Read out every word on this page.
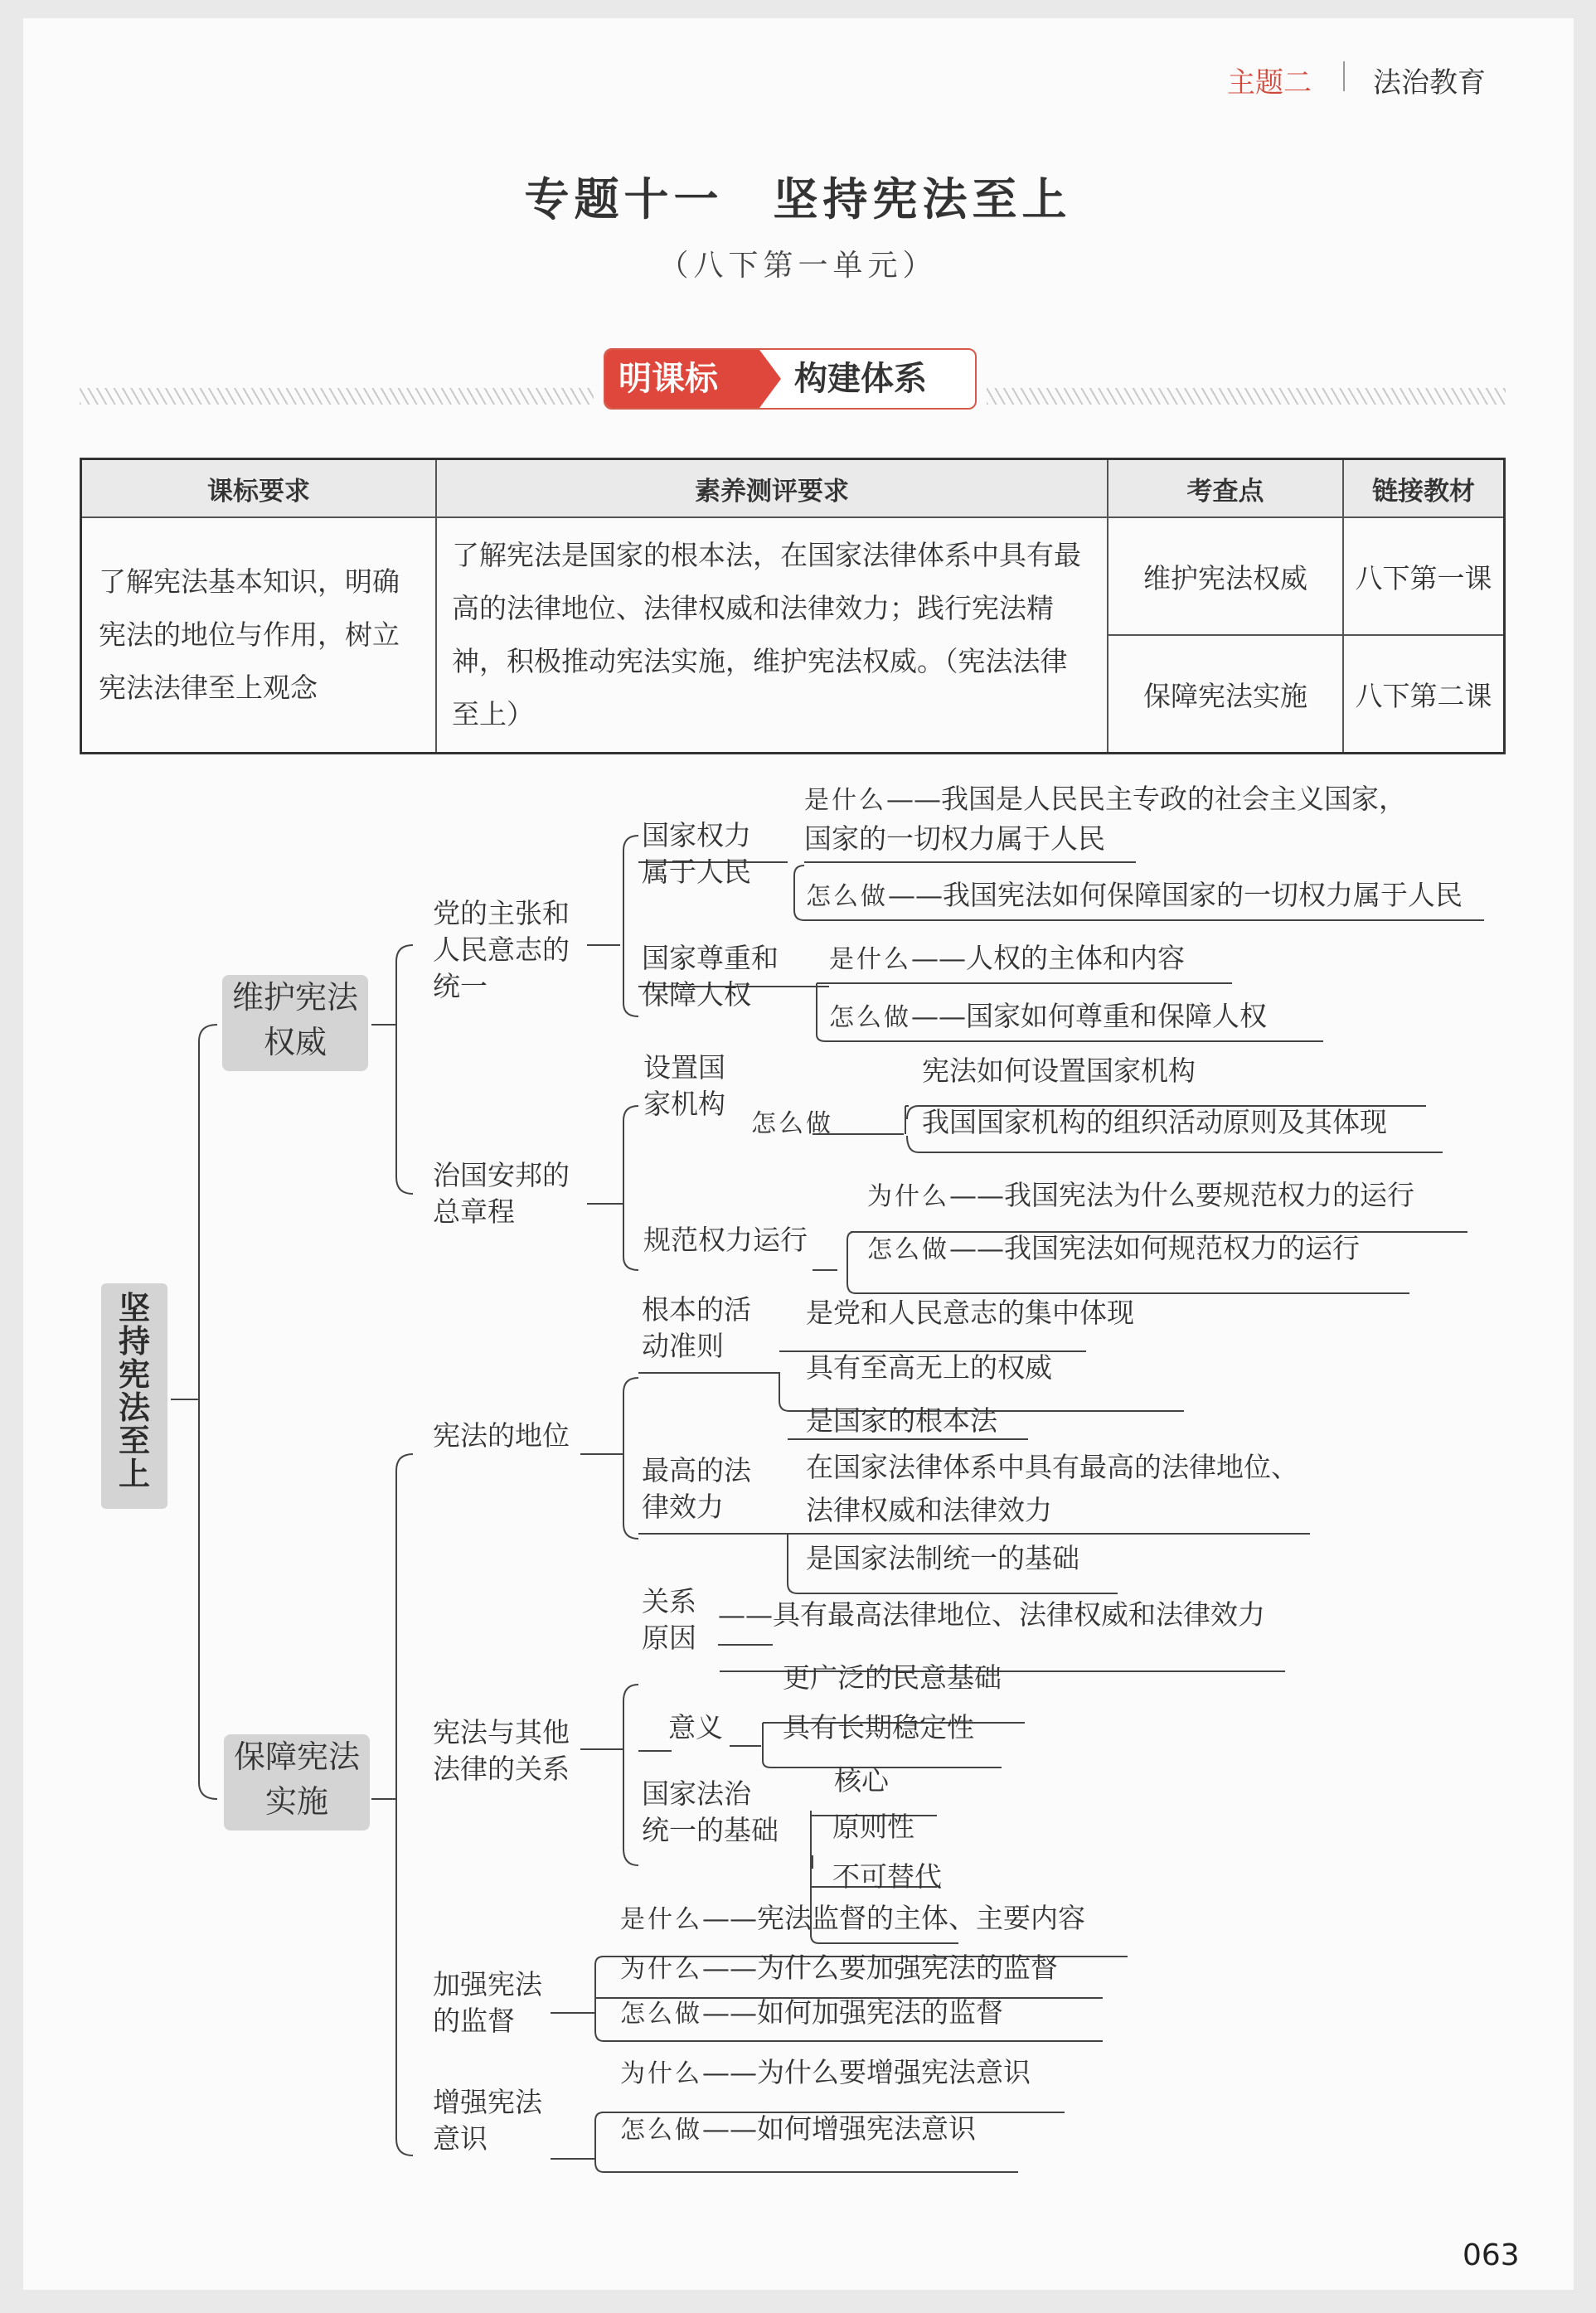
主题二 法治教育
专题十一　坚持宪法至上
（八下第一单元）
明课标	构建体系
课标要求	素养测评要求	考查点	链接教材
了解宪法基本知识，明确宪法的地位与作用，树立宪法法律至上观念	了解宪法是国家的根本法，在国家法律体系中具有最高的法律地位、法律权威和法律效力；践行宪法精神，积极推动宪法实施，维护宪法权威。（宪法法律至上）	维护宪法权威	八下第一课
		保障宪法实施	八下第二课
坚持宪法至上
维护宪法
权威
党的主张和
人民意志的
统一
国家权力
属于人民
是什么——我国是人民民主专政的社会主义国家，
国家的一切权力属于人民
怎么做——我国宪法如何保障国家的一切权力属于人民
国家尊重和
保障人权
是什么——人权的主体和内容
怎么做——国家如何尊重和保障人权
治国安邦的
总章程
设置国
家机构
怎么做
宪法如何设置国家机构
我国国家机构的组织活动原则及其体现
规范权力运行
为什么——我国宪法为什么要规范权力的运行
怎么做——我国宪法如何规范权力的运行
保障宪法
实施
宪法的地位
根本的活
动准则
是党和人民意志的集中体现
具有至高无上的权威
最高的法
律效力
是国家的根本法
在国家法律体系中具有最高的法律地位、
法律权威和法律效力
是国家法制统一的基础
宪法与其他
法律的关系
关系
原因
——具有最高法律地位、法律权威和法律效力
意义
更广泛的民意基础
具有长期稳定性
国家法治
统一的基础
核心
原则性
不可替代
加强宪法
的监督
是什么——宪法监督的主体、主要内容
为什么——为什么要加强宪法的监督
怎么做——如何加强宪法的监督
增强宪法
意识
为什么——为什么要增强宪法意识
怎么做——如何增强宪法意识
063
